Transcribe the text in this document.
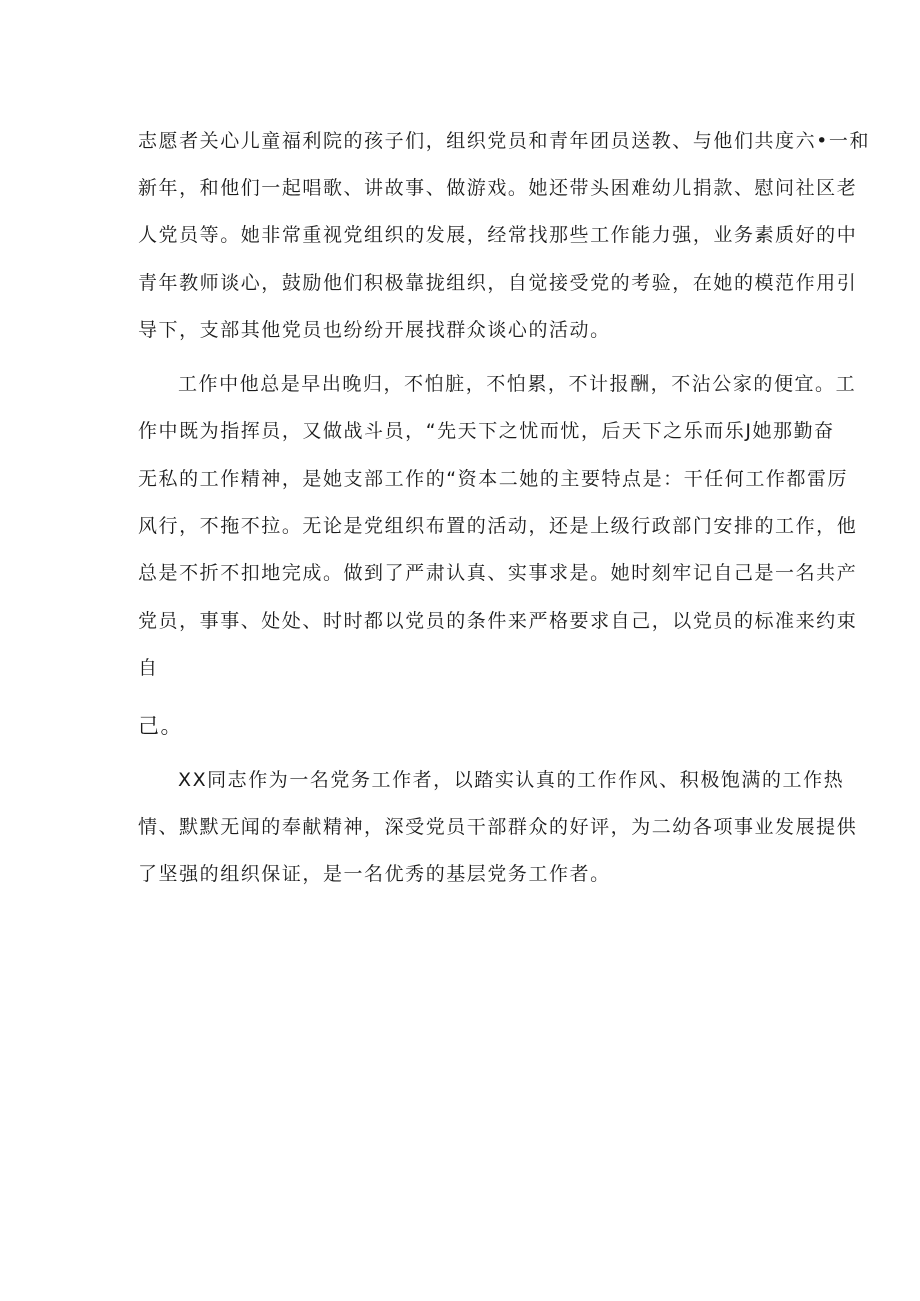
志愿者关心儿童福利院的孩子们，组织党员和青年团员送教、与他们共度六•一和
新年，和他们一起唱歌、讲故事、做游戏。她还带头困难幼儿捐款、慰问社区老
人党员等。她非常重视党组织的发展，经常找那些工作能力强，业务素质好的中
青年教师谈心，鼓励他们积极靠拢组织，自觉接受党的考验，在她的模范作用引
导下，支部其他党员也纷纷开展找群众谈心的活动。
工作中他总是早出晚归，不怕脏，不怕累，不计报酬，不沾公家的便宜。工
作中既为指挥员，又做战斗员，“先天下之忧而忧，后天下之乐而乐J她那勤奋
无私的工作精神，是她支部工作的“资本二她的主要特点是：干任何工作都雷厉
风行，不拖不拉。无论是党组织布置的活动，还是上级行政部门安排的工作，他
总是不折不扣地完成。做到了严肃认真、实事求是。她时刻牢记自己是一名共产
党员，事事、处处、时时都以党员的条件来严格要求自己，以党员的标准来约束
自
己。
XX同志作为一名党务工作者，以踏实认真的工作作风、积极饱满的工作热
情、默默无闻的奉献精神，深受党员干部群众的好评，为二幼各项事业发展提供
了坚强的组织保证，是一名优秀的基层党务工作者。
